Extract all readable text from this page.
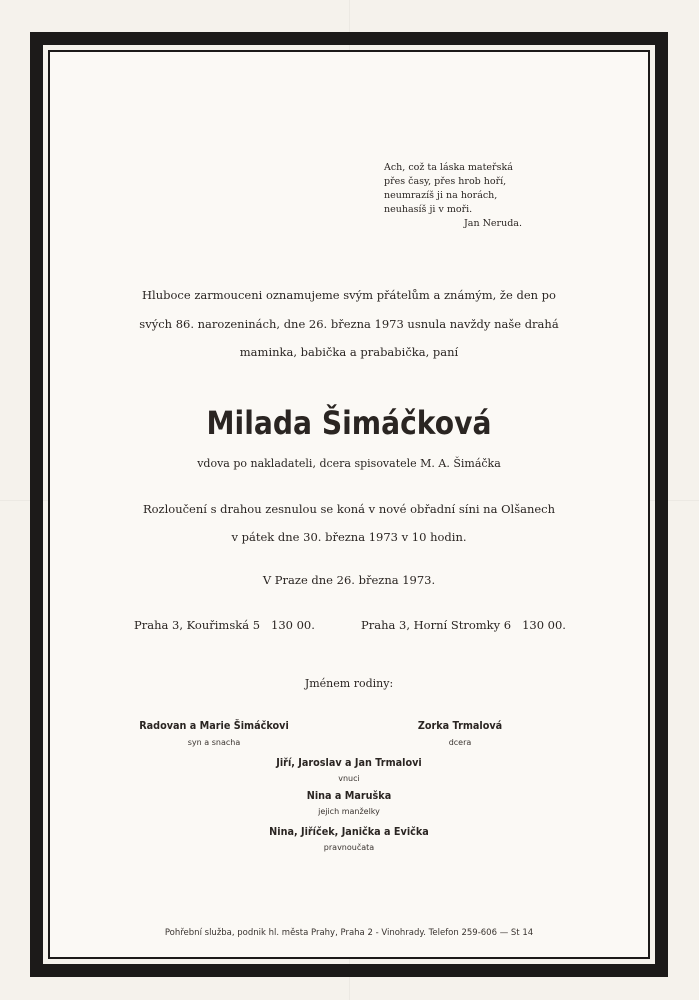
Ach, což ta láska mateřská
přes časy, přes hrob hoří,
neumrazíš ji na horách,
neuhasíš ji v moři.
Jan Neruda.
Hluboce zarmouceni oznamujeme svým přátelům a známým, že den po
svých 86. narozeninách, dne 26. března 1973 usnula navždy naše drahá
maminka, babička a prababička, paní
Milada Šimáčková
vdova po nakladateli, dcera spisovatele M. A. Šimáčka
Rozloučení s drahou zesnulou se koná v nové obřadní síni na Olšanech
v pátek dne 30. března 1973 v 10 hodin.
V Praze dne 26. března 1973.
Praha 3, Kouřimská 5 130 00.	Praha 3, Horní Stromky 6 130 00.
Jménem rodiny:
Radovan a Marie Šimáčkovi
syn a snacha
Zorka Trmalová
dcera
Jiří, Jaroslav a Jan Trmalovi
vnuci
Nina a Maruška
jejich manželky
Nina, Jiříček, Janička a Evička
pravnoučata
Pohřební služba, podnik hl. města Prahy, Praha 2 - Vinohrady. Telefon 259-606 — St 14
